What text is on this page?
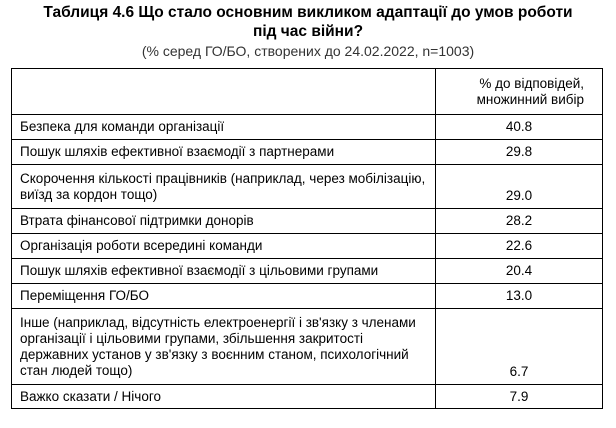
Таблиця 4.6 Що стало основним викликом адаптації до умов роботи
під час війни?
(% серед ГО/БО, створених до 24.02.2022, n=1003)

	% до відповідей,
множинний вибір

Безпека для команди організації	40.8
Пошук шляхів ефективної взаємодії з партнерами	29.8
Скорочення кількості працівників (наприклад, через мобілізацію, виїзд за кордон тощо)	29.0
Втрата фінансової підтримки донорів	28.2
Організація роботи всередині команди	22.6
Пошук шляхів ефективної взаємодії з цільовими групами	20.4
Переміщення ГО/БО	13.0
Інше (наприклад, відсутність електроенергії і зв'язку з членами організації і цільовими групами, збільшення закритості державних установ у зв'язку з воєнним станом, психологічний стан людей тощо)	6.7
Важко сказати / Нічого	7.9
